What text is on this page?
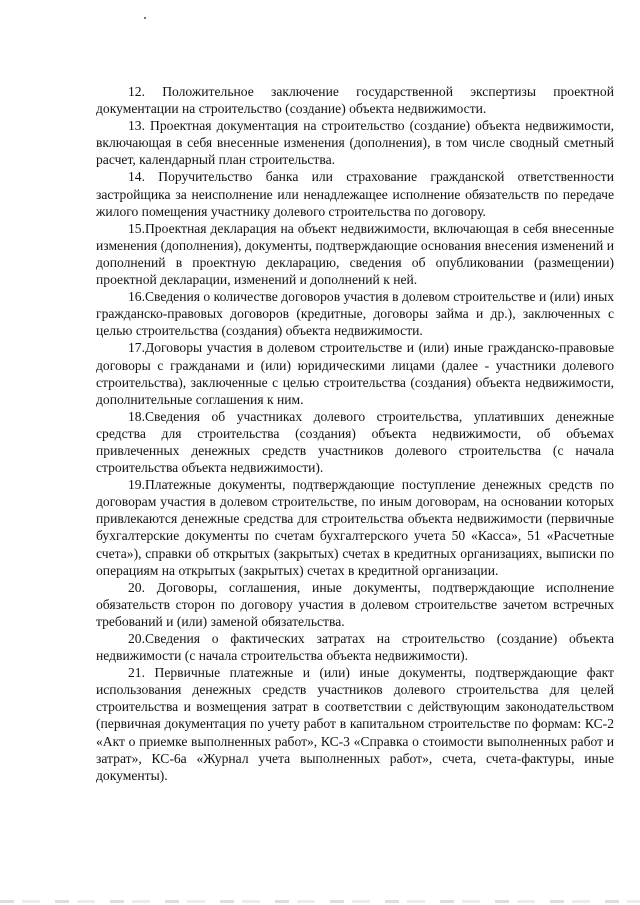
12. Положительное заключение государственной экспертизы проектной документации на строительство (создание) объекта недвижимости.

13. Проектная документация на строительство (создание) объекта недвижимости, включающая в себя внесенные изменения (дополнения), в том числе сводный сметный расчет, календарный план строительства.

14. Поручительство банка или страхование гражданской ответственности застройщика за неисполнение или ненадлежащее исполнение обязательств по передаче жилого помещения участнику долевого строительства по договору.

15.Проектная декларация на объект недвижимости, включающая в себя внесенные изменения (дополнения), документы, подтверждающие основания внесения изменений и дополнений в проектную декларацию, сведения об опубликовании (размещении) проектной декларации, изменений и дополнений к ней.

16.Сведения о количестве договоров участия в долевом строительстве и (или) иных гражданско-правовых договоров (кредитные, договоры займа и др.), заключенных с целью строительства (создания) объекта недвижимости.

17.Договоры участия в долевом строительстве и (или) иные гражданско-правовые договоры с гражданами и (или) юридическими лицами (далее - участники долевого строительства), заключенные с целью строительства (создания) объекта недвижимости, дополнительные соглашения к ним.

18.Сведения об участниках долевого строительства, уплативших денежные средства для строительства (создания) объекта недвижимости, об объемах привлеченных денежных средств участников долевого строительства (с начала строительства объекта недвижимости).

19.Платежные документы, подтверждающие поступление денежных средств по договорам участия в долевом строительстве, по иным договорам, на основании которых привлекаются денежные средства для строительства объекта недвижимости (первичные бухгалтерские документы по счетам бухгалтерского учета 50 «Касса», 51 «Расчетные счета»), справки об открытых (закрытых) счетах в кредитных организациях, выписки по операциям на открытых (закрытых) счетах в кредитной организации.

20. Договоры, соглашения, иные документы, подтверждающие исполнение обязательств сторон по договору участия в долевом строительстве зачетом встречных требований и (или) заменой обязательства.

20.Сведения о фактических затратах на строительство (создание) объекта недвижимости (с начала строительства объекта недвижимости).

21. Первичные платежные и (или) иные документы, подтверждающие факт использования денежных средств участников долевого строительства для целей строительства и возмещения затрат в соответствии с действующим законодательством (первичная документация по учету работ в капитальном строительстве по формам: КС-2 «Акт о приемке выполненных работ», КС-3 «Справка о стоимости выполненных работ и затрат», КС-6а «Журнал учета выполненных работ», счета, счета-фактуры, иные документы).
